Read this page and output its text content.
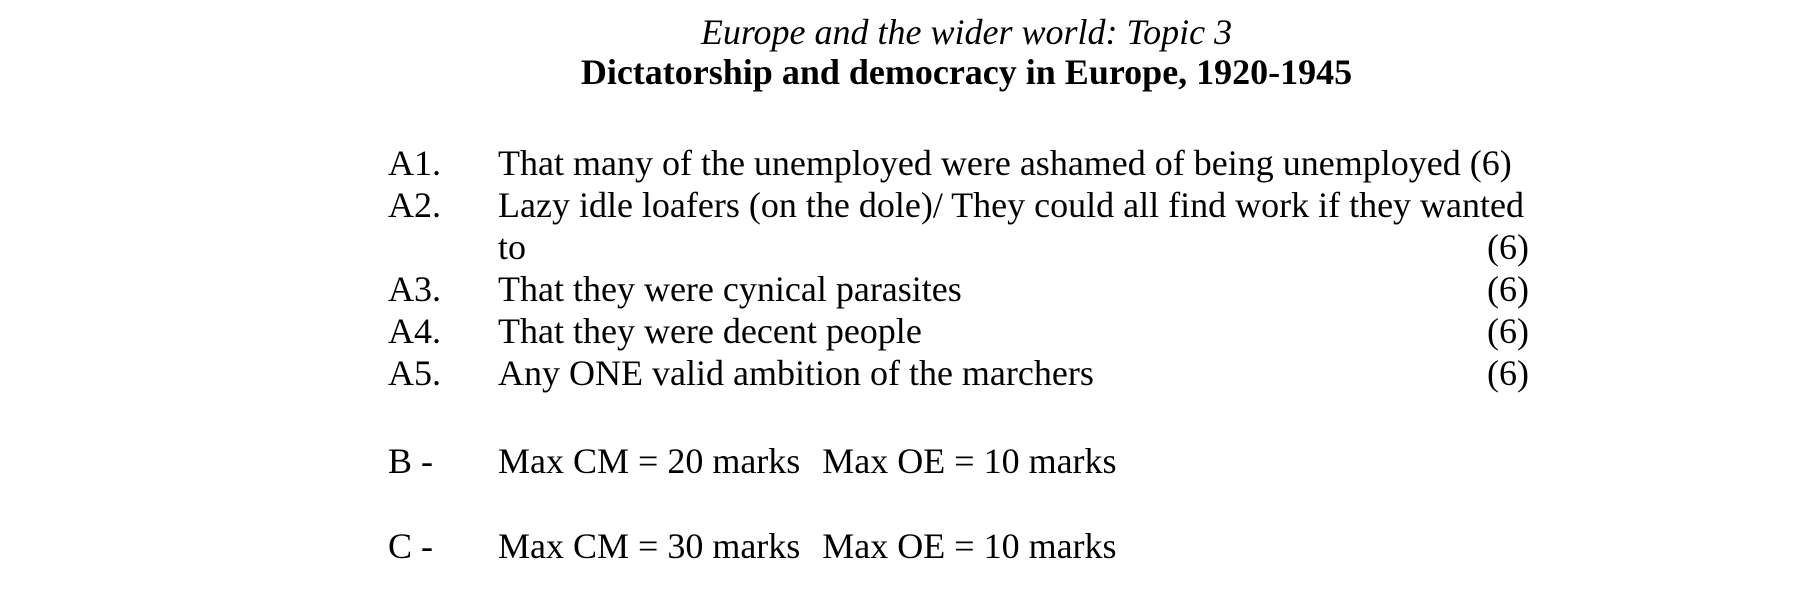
Europe and the wider world: Topic 3
Dictatorship and democracy in Europe, 1920-1945
A1.	That many of the unemployed were ashamed of being unemployed (6)
A2.	Lazy idle loafers (on the dole)/ They could all find work if they wanted
to	(6)
A3.	That they were cynical parasites	(6)
A4.	That they were decent people	(6)
A5.	Any ONE valid ambition of the marchers	(6)
B -	Max CM = 20 marks Max OE = 10 marks
C -	Max CM = 30 marks Max OE = 10 marks
